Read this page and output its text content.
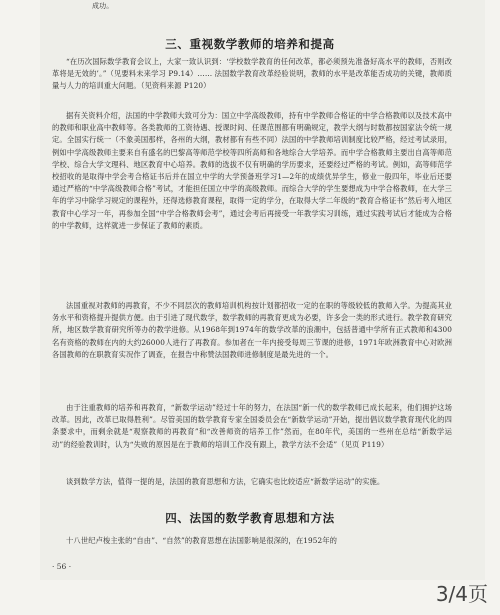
成功。
三、重视数学教师的培养和提高
“在历次国际数学教育会议上，大家一致认识到：‘学校数学教育的任何改革，都必须预先准备好高水平的教师，否则改革将是无效的’。”（见要料未来学习 P9.14）…… 法国数学教育改革经验说明，教师的水平是改革能否成功的关键，教师质量与人力的培训重大问题。（见资料来源 P120）
据有关资料介绍，法国的中学教师大致可分为：国立中学高级教师，持有中学教师合格证的中学合格教师以及技术高中的教师和职业高中教师等。各类教师的工资待遇、授课时间、任课范围都有明确规定，教学大纲与时数都按国家法令统一规定。全国实行统一（不象美国那样，各州的大纲，教材都有有些不同）法国的中学教师培训制度比较严格，经过考试录用，例如中学高级教师主要来自有盛名的巴黎高等师范学校等四所高师和各地综合大学培养。而中学合格教师主要出自高等师范学校、综合大学文理科、地区教育中心培养。教师的选拔不仅有明确的学历要求，还要经过严格的考试。例如，高等师范学校招收的是取得中学会考合格证书后并在国立中学的大学预备班学习1—2年的成绩优异学生，修业一般四年，毕业后还要通过严格的“中学高级教师合格”考试，才能担任国立中学的高级教师。而综合大学的学生要想成为中学合格教师，在大学三年的学习中除学习规定的课程外，还得选修教育课程，取得一定的学分，在取得大学二年级的“教育合格证书”然后考入地区教育中心学习一年，再参加全国“中学合格教师会考”，通过会考后再接受一年教学实习训练，通过实践考试后才能成为合格的中学教师，这样就进一步保证了教师的素质。
法国重视对教师的再教育，不少不同层次的教师培训机构按计划都招收一定的在职的等级较低的教师入学。为提高其业务水平和资格提升提供方便。由于引进了现代数学，数学教师的再教育更成为必要，许多会一类的形式进行。教学教育研究所，地区数学教育研究所等办的教学进修。从1968年到1974年的数学改革的浪潮中，包括普通中学所有正式教师和4300名有资格的教师在内的大约26000人进行了再教育。参加者在一年内接受每周三节课的进修，1971年欧洲教育中心对欧洲各国教师的在职教育实况作了调查，在报告中称赞法国教师进修制度是最先进的一个。
由于注重教师的培养和再教育，“新数学运动”经过十年的努力，在法国“新一代的数学教师已成长起来，他们拥护这场改革。因此，改革已取得胜利”。尽管美国的数学教育专家全国委员会在“新数学运动”开始，提出倡议数学教育现代化的四条要求中，而剩余就是“观察教师的再教育”和“改善师资的培养工作”然而，在80年代，美国的一些州在总结“新数学运动”的经验教训时，认为“失败的原因是在于教师的培训工作没有跟上，教学方法不会适”（见页 P119）
谈到数学方法，值得一提的是，法国的教育思想和方法，它确实也比较适应“新数学运动”的实施。
四、法国的数学教育思想和方法
十八世纪卢梭主张的“自由”、“自然”的教育思想在法国影响是很深的，在1952年的
· 56 ·
3/4页
